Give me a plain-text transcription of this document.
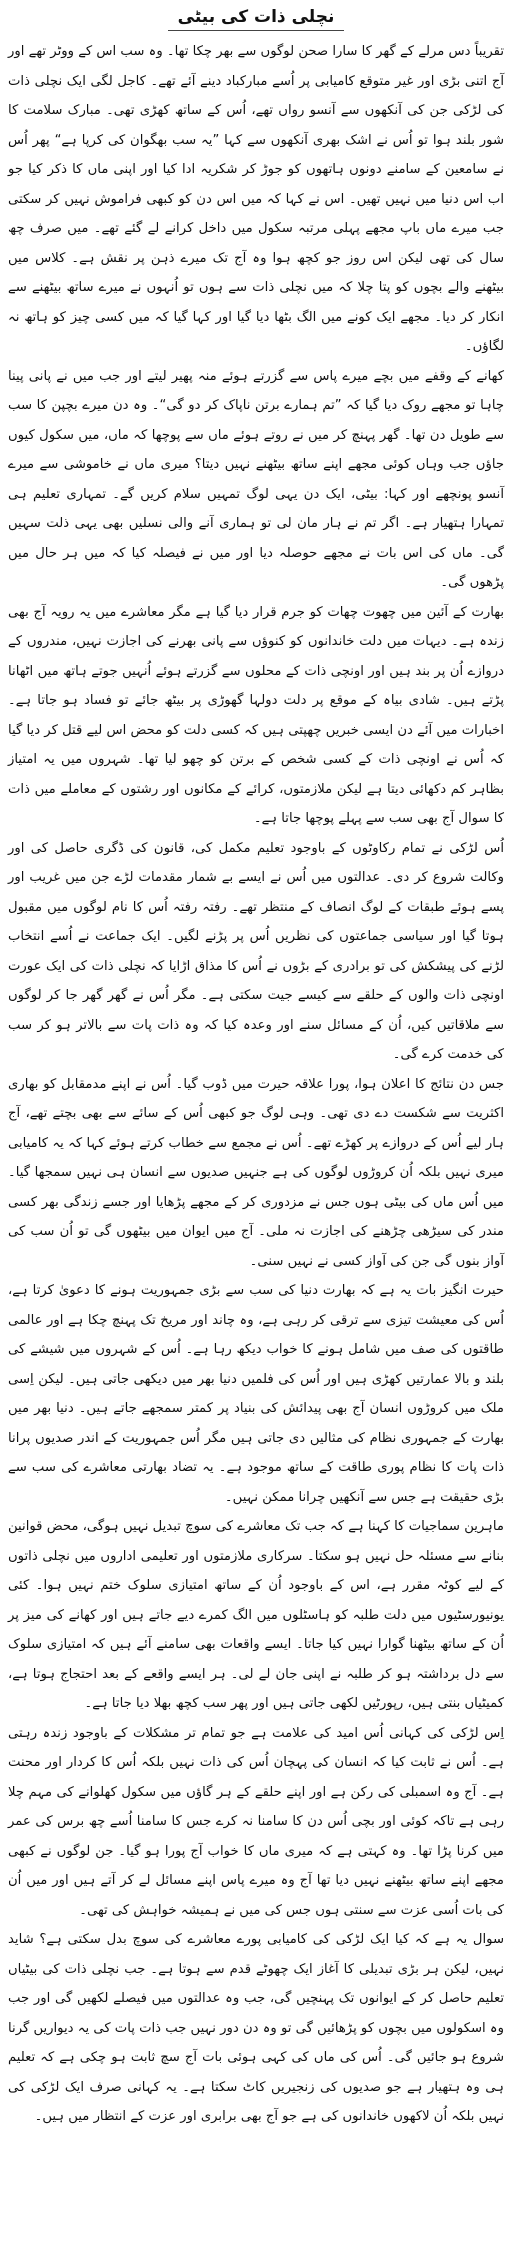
نچلی ذات کی بیٹی

تقریباً دس مرلے کے گھر کا سارا صحن لوگوں سے بھر چکا تھا۔ وہ سب اس کے ووٹر تھے اور آج اتنی بڑی اور غیر متوقع کامیابی پر اُسے مبارکباد دینے آئے تھے۔ کاجل لگی ایک نچلی ذات کی لڑکی جن کی آنکھوں سے آنسو رواں تھے، اُس کے ساتھ کھڑی تھی۔ مبارک سلامت کا شور بلند ہوا تو اُس نے اشک بھری آنکھوں سے کہا ”یہ سب بھگوان کی کرپا ہے“ پھر اُس نے سامعین کے سامنے دونوں ہاتھوں کو جوڑ کر شکریہ ادا کیا اور اپنی ماں کا ذکر کیا جو اب اس دنیا میں نہیں تھیں۔ اس نے کہا کہ میں اس دن کو کبھی فراموش نہیں کر سکتی جب میرے ماں باپ مجھے پہلی مرتبہ سکول میں داخل کرانے لے گئے تھے۔ میں صرف چھ سال کی تھی لیکن اس روز جو کچھ ہوا وہ آج تک میرے ذہن پر نقش ہے۔ کلاس میں بیٹھنے والے بچوں کو پتا چلا کہ میں نچلی ذات سے ہوں تو اُنہوں نے میرے ساتھ بیٹھنے سے انکار کر دیا۔ مجھے ایک کونے میں الگ بٹھا دیا گیا اور کہا گیا کہ میں کسی چیز کو ہاتھ نہ لگاؤں۔

کھانے کے وقفے میں بچے میرے پاس سے گزرتے ہوئے منہ پھیر لیتے اور جب میں نے پانی پینا چاہا تو مجھے روک دیا گیا کہ ”تم ہمارے برتن ناپاک کر دو گی“۔ وہ دن میرے بچپن کا سب سے طویل دن تھا۔ گھر پہنچ کر میں نے روتے ہوئے ماں سے پوچھا کہ ماں، میں سکول کیوں جاؤں جب وہاں کوئی مجھے اپنے ساتھ بیٹھنے نہیں دیتا؟ میری ماں نے خاموشی سے میرے آنسو پونچھے اور کہا: بیٹی، ایک دن یہی لوگ تمہیں سلام کریں گے۔ تمہاری تعلیم ہی تمہارا ہتھیار ہے۔ اگر تم نے ہار مان لی تو ہماری آنے والی نسلیں بھی یہی ذلت سہیں گی۔ ماں کی اس بات نے مجھے حوصلہ دیا اور میں نے فیصلہ کیا کہ میں ہر حال میں پڑھوں گی۔

بھارت کے آئین میں چھوت چھات کو جرم قرار دیا گیا ہے مگر معاشرے میں یہ رویہ آج بھی زندہ ہے۔ دیہات میں دلت خاندانوں کو کنوؤں سے پانی بھرنے کی اجازت نہیں، مندروں کے دروازے اُن پر بند ہیں اور اونچی ذات کے محلوں سے گزرتے ہوئے اُنہیں جوتے ہاتھ میں اٹھانا پڑتے ہیں۔ شادی بیاہ کے موقع پر دلت دولہا گھوڑی پر بیٹھ جائے تو فساد ہو جاتا ہے۔ اخبارات میں آئے دن ایسی خبریں چھپتی ہیں کہ کسی دلت کو محض اس لیے قتل کر دیا گیا کہ اُس نے اونچی ذات کے کسی شخص کے برتن کو چھو لیا تھا۔ شہروں میں یہ امتیاز بظاہر کم دکھائی دیتا ہے لیکن ملازمتوں، کرائے کے مکانوں اور رشتوں کے معاملے میں ذات کا سوال آج بھی سب سے پہلے پوچھا جاتا ہے۔

اُس لڑکی نے تمام رکاوٹوں کے باوجود تعلیم مکمل کی، قانون کی ڈگری حاصل کی اور وکالت شروع کر دی۔ عدالتوں میں اُس نے ایسے بے شمار مقدمات لڑے جن میں غریب اور پسے ہوئے طبقات کے لوگ انصاف کے منتظر تھے۔ رفتہ رفتہ اُس کا نام لوگوں میں مقبول ہوتا گیا اور سیاسی جماعتوں کی نظریں اُس پر پڑنے لگیں۔ ایک جماعت نے اُسے انتخاب لڑنے کی پیشکش کی تو برادری کے بڑوں نے اُس کا مذاق اڑایا کہ نچلی ذات کی ایک عورت اونچی ذات والوں کے حلقے سے کیسے جیت سکتی ہے۔ مگر اُس نے گھر گھر جا کر لوگوں سے ملاقاتیں کیں، اُن کے مسائل سنے اور وعدہ کیا کہ وہ ذات پات سے بالاتر ہو کر سب کی خدمت کرے گی۔

جس دن نتائج کا اعلان ہوا، پورا علاقہ حیرت میں ڈوب گیا۔ اُس نے اپنے مدمقابل کو بھاری اکثریت سے شکست دے دی تھی۔ وہی لوگ جو کبھی اُس کے سائے سے بھی بچتے تھے، آج ہار لیے اُس کے دروازے پر کھڑے تھے۔ اُس نے مجمع سے خطاب کرتے ہوئے کہا کہ یہ کامیابی میری نہیں بلکہ اُن کروڑوں لوگوں کی ہے جنہیں صدیوں سے انسان ہی نہیں سمجھا گیا۔ میں اُس ماں کی بیٹی ہوں جس نے مزدوری کر کے مجھے پڑھایا اور جسے زندگی بھر کسی مندر کی سیڑھی چڑھنے کی اجازت نہ ملی۔ آج میں ایوان میں بیٹھوں گی تو اُن سب کی آواز بنوں گی جن کی آواز کسی نے نہیں سنی۔

حیرت انگیز بات یہ ہے کہ بھارت دنیا کی سب سے بڑی جمہوریت ہونے کا دعویٰ کرتا ہے، اُس کی معیشت تیزی سے ترقی کر رہی ہے، وہ چاند اور مریخ تک پہنچ چکا ہے اور عالمی طاقتوں کی صف میں شامل ہونے کا خواب دیکھ رہا ہے۔ اُس کے شہروں میں شیشے کی بلند و بالا عمارتیں کھڑی ہیں اور اُس کی فلمیں دنیا بھر میں دیکھی جاتی ہیں۔ لیکن اِسی ملک میں کروڑوں انسان آج بھی پیدائش کی بنیاد پر کمتر سمجھے جاتے ہیں۔ دنیا بھر میں بھارت کے جمہوری نظام کی مثالیں دی جاتی ہیں مگر اُس جمہوریت کے اندر صدیوں پرانا ذات پات کا نظام پوری طاقت کے ساتھ موجود ہے۔ یہ تضاد بھارتی معاشرے کی سب سے بڑی حقیقت ہے جس سے آنکھیں چرانا ممکن نہیں۔

ماہرین سماجیات کا کہنا ہے کہ جب تک معاشرے کی سوچ تبدیل نہیں ہوگی، محض قوانین بنانے سے مسئلہ حل نہیں ہو سکتا۔ سرکاری ملازمتوں اور تعلیمی اداروں میں نچلی ذاتوں کے لیے کوٹہ مقرر ہے، اس کے باوجود اُن کے ساتھ امتیازی سلوک ختم نہیں ہوا۔ کئی یونیورسٹیوں میں دلت طلبہ کو ہاسٹلوں میں الگ کمرے دیے جاتے ہیں اور کھانے کی میز پر اُن کے ساتھ بیٹھنا گوارا نہیں کیا جاتا۔ ایسے واقعات بھی سامنے آئے ہیں کہ امتیازی سلوک سے دل برداشتہ ہو کر طلبہ نے اپنی جان لے لی۔ ہر ایسے واقعے کے بعد احتجاج ہوتا ہے، کمیٹیاں بنتی ہیں، رپورٹیں لکھی جاتی ہیں اور پھر سب کچھ بھلا دیا جاتا ہے۔

اِس لڑکی کی کہانی اُس امید کی علامت ہے جو تمام تر مشکلات کے باوجود زندہ رہتی ہے۔ اُس نے ثابت کیا کہ انسان کی پہچان اُس کی ذات نہیں بلکہ اُس کا کردار اور محنت ہے۔ آج وہ اسمبلی کی رکن ہے اور اپنے حلقے کے ہر گاؤں میں سکول کھلوانے کی مہم چلا رہی ہے تاکہ کوئی اور بچی اُس دن کا سامنا نہ کرے جس کا سامنا اُسے چھ برس کی عمر میں کرنا پڑا تھا۔ وہ کہتی ہے کہ میری ماں کا خواب آج پورا ہو گیا۔ جن لوگوں نے کبھی مجھے اپنے ساتھ بیٹھنے نہیں دیا تھا آج وہ میرے پاس اپنے مسائل لے کر آتے ہیں اور میں اُن کی بات اُسی عزت سے سنتی ہوں جس کی میں نے ہمیشہ خواہش کی تھی۔

سوال یہ ہے کہ کیا ایک لڑکی کی کامیابی پورے معاشرے کی سوچ بدل سکتی ہے؟ شاید نہیں، لیکن ہر بڑی تبدیلی کا آغاز ایک چھوٹے قدم سے ہوتا ہے۔ جب نچلی ذات کی بیٹیاں تعلیم حاصل کر کے ایوانوں تک پہنچیں گی، جب وہ عدالتوں میں فیصلے لکھیں گی اور جب وہ اسکولوں میں بچوں کو پڑھائیں گی تو وہ دن دور نہیں جب ذات پات کی یہ دیواریں گرنا شروع ہو جائیں گی۔ اُس کی ماں کی کہی ہوئی بات آج سچ ثابت ہو چکی ہے کہ تعلیم ہی وہ ہتھیار ہے جو صدیوں کی زنجیریں کاٹ سکتا ہے۔ یہ کہانی صرف ایک لڑکی کی نہیں بلکہ اُن لاکھوں خاندانوں کی ہے جو آج بھی برابری اور عزت کے انتظار میں ہیں۔
